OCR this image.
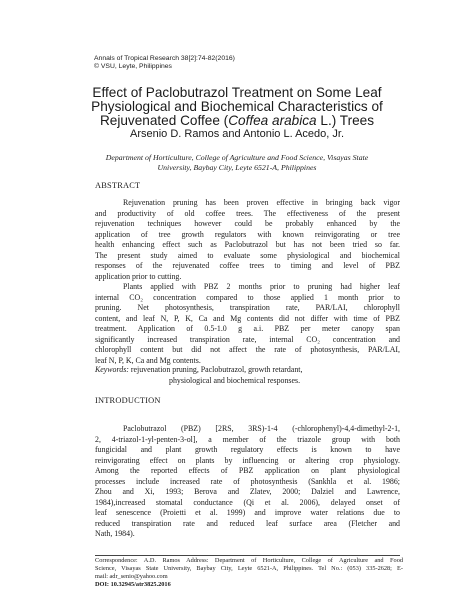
Annals of Tropical Research 38[2]:74-82(2016)
© VSU, Leyte, Philippines
Effect of Paclobutrazol Treatment on Some Leaf
Physiological and Biochemical Characteristics of
Rejuvenated Coffee (Coffea arabica L.) Trees
Arsenio D. Ramos and Antonio L. Acedo, Jr.
Department of Horticulture, College of Agriculture and Food Science, Visayas State
University, Baybay City, Leyte 6521-A, Philippines
ABSTRACT
Rejuvenation pruning has been proven effective in bringing back vigor
and productivity of old coffee trees. The effectiveness of the present
rejuvenation techniques however could be probably enhanced by the
application of tree growth regulators with known reinvigorating or tree
health enhancing effect such as Paclobutrazol but has not been tried so far.
The present study aimed to evaluate some physiological and biochemical
responses of the rejuvenated coffee trees to timing and level of PBZ
application prior to cutting.
Plants applied with PBZ 2 months prior to pruning had higher leaf
internal CO₂ concentration compared to those applied 1 month prior to
pruning. Net photosynthesis, transpiration rate, PAR/LAI, chlorophyll
content, and leaf N, P, K, Ca and Mg contents did not differ with time of PBZ
treatment. Application of 0.5-1.0 g a.i. PBZ per meter canopy span
significantly increased transpiration rate, internal CO₂ concentration and
chlorophyll content but did not affect the rate of photosynthesis, PAR/LAI,
leaf N, P, K, Ca and Mg contents.
Keywords: rejuvenation pruning, Paclobutrazol, growth retardant,
physiological and biochemical responses.
INTRODUCTION
Paclobutrazol (PBZ) [2RS, 3RS)-1-4 (-chlorophenyl)-4,4-dimethyl-2-1,
2, 4-triazol-1-yl-penten-3-ol], a member of the triazole group with both
fungicidal and plant growth regulatory effects is known to have
reinvigorating effect on plants by influencing or altering crop physiology.
Among the reported effects of PBZ application on plant physiological
processes include increased rate of photosynthesis (Sankhla et al. 1986;
Zhou and Xi, 1993; Berova and Zlatev, 2000; Dalziel and Lawrence,
1984),increased stomatal conductance (Qi et al. 2006), delayed onset of
leaf senescence (Proietti et al. 1999) and improve water relations due to
reduced transpiration rate and reduced leaf surface area (Fletcher and
Nath, 1984).
Correspondence: A.D. Ramos Address: Department of Horticulture, College of Agriculture and Food
Science, Visayas State University, Baybay City, Leyte 6521-A, Philippines. Tel No.: (053) 335-2628; E-
mail: adr_senio@yahoo.com
DOI: 10.32945/atr3825.2016
